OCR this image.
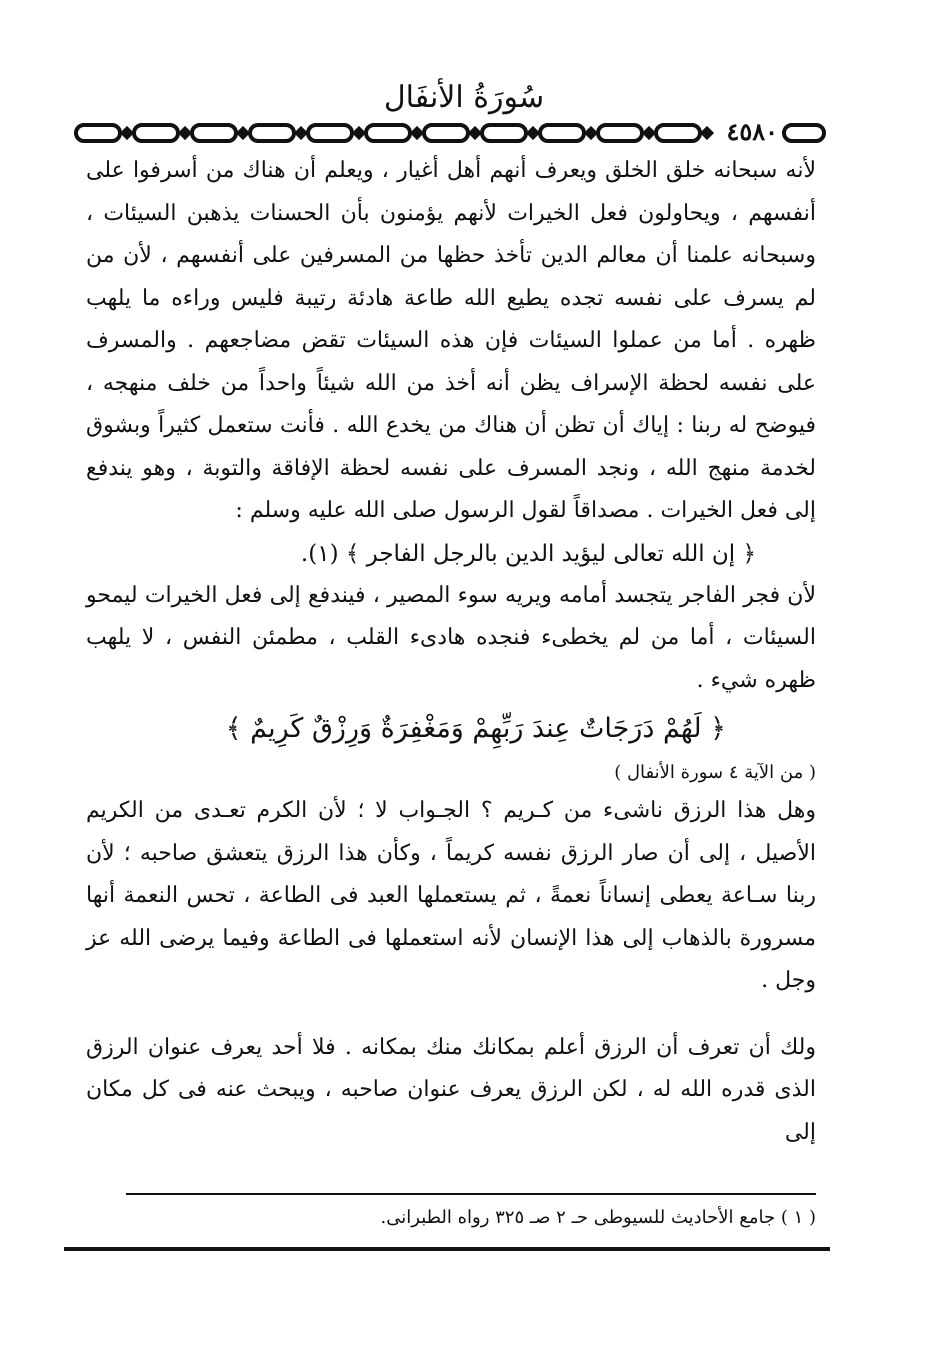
سُورَةُ الأنفَال
٤٥٨٠

لأنه سبحانه خلق الخلق ويعرف أنهم أهل أغيار ، ويعلم أن هناك من أسرفوا على أنفسهم ، ويحاولون فعل الخيرات لأنهم يؤمنون بأن الحسنات يذهبن السيئات ، وسبحانه علمنا أن معالم الدين تأخذ حظها من المسرفين على أنفسهم ، لأن من لم يسرف على نفسه تجده يطيع الله طاعة هادئة رتيبة فليس وراءه ما يلهب ظهره . أما من عملوا السيئات فإن هذه السيئات تقض مضاجعهم . والمسرف على نفسه لحظة الإسراف يظن أنه أخذ من الله شيئاً واحداً من خلف منهجه ، فيوضح له ربنا : إياك أن تظن أن هناك من يخدع الله . فأنت ستعمل كثيراً وبشوق لخدمة منهج الله ، ونجد المسرف على نفسه لحظة الإفاقة والتوبة ، وهو يندفع إلى فعل الخيرات . مصداقاً لقول الرسول صلى الله عليه وسلم :

﴿ إن الله تعالى ليؤيد الدين بالرجل الفاجر ﴾ (١).

لأن فجر الفاجر يتجسد أمامه ويريه سوء المصير ، فيندفع إلى فعل الخيرات ليمحو السيئات ، أما من لم يخطىء فنجده هادىء القلب ، مطمئن النفس ، لا يلهب ظهره شيء .

﴿ لَهُمْ دَرَجَاتٌ عِندَ رَبِّهِمْ وَمَغْفِرَةٌ وَرِزْقٌ كَرِيمٌ ﴾

( من الآية ٤ سورة الأنفال )

وهل هذا الرزق ناشىء من كـريم ؟ الجـواب لا ؛ لأن الكرم تعـدى من الكريم الأصيل ، إلى أن صار الرزق نفسه كريماً ، وكأن هذا الرزق يتعشق صاحبه ؛ لأن ربنا سـاعة يعطى إنساناً نعمةً ، ثم يستعملها العبد فى الطاعة ، تحس النعمة أنها مسرورة بالذهاب إلى هذا الإنسان لأنه استعملها فى الطاعة وفيما يرضى الله عز وجل .

ولك أن تعرف أن الرزق أعلم بمكانك منك بمكانه . فلا أحد يعرف عنوان الرزق الذى قدره الله له ، لكن الرزق يعرف عنوان صاحبه ، ويبحث عنه فى كل مكان إلى

( ١ ) جامع الأحاديث للسيوطى حـ ٢ صـ ٣٢٥ رواه الطبرانى.
